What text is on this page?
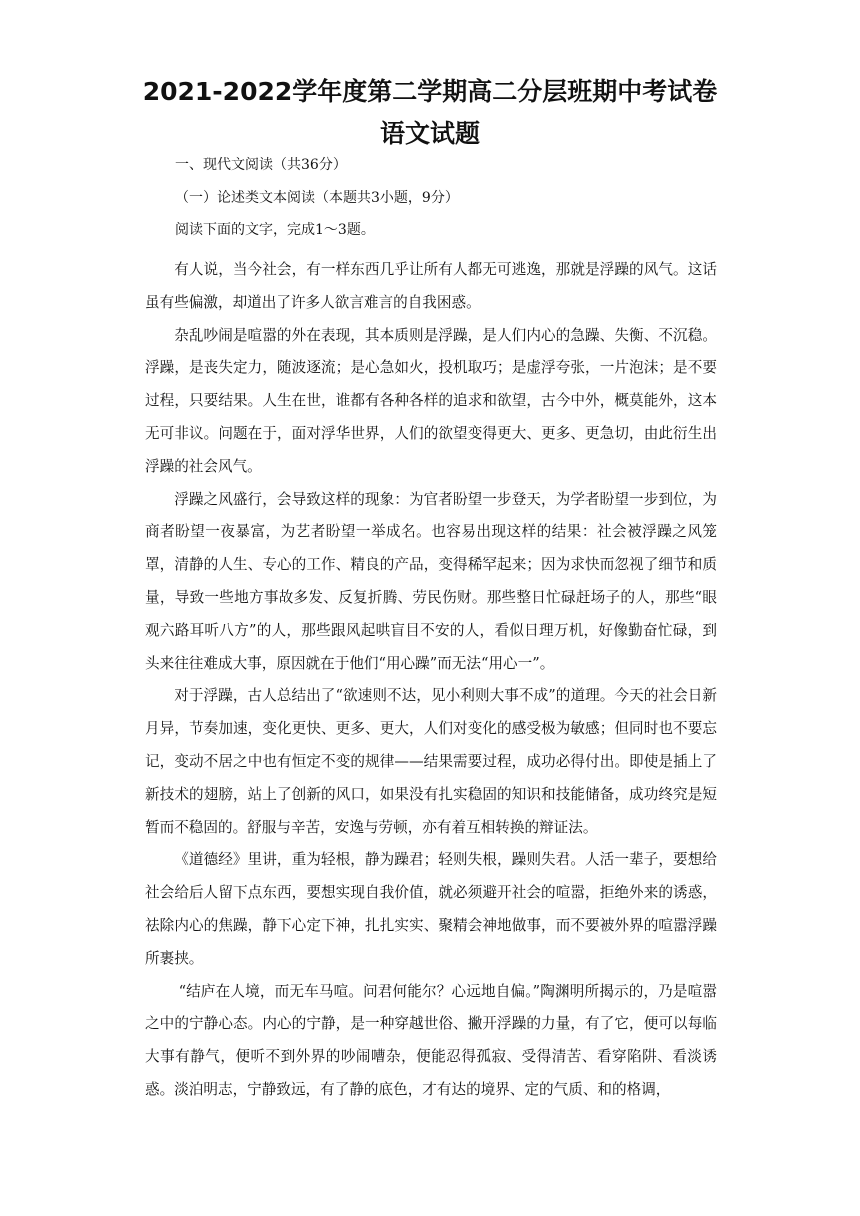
2021-2022学年度第二学期高二分层班期中考试卷
语文试题
一、现代文阅读（共36分）
（一）论述类文本阅读（本题共3小题，9分）
阅读下面的文字，完成1～3题。

有人说，当今社会，有一样东西几乎让所有人都无可逃逸，那就是浮躁的风气。这话虽有些偏激，却道出了许多人欲言难言的自我困惑。

杂乱吵闹是喧嚣的外在表现，其本质则是浮躁，是人们内心的急躁、失衡、不沉稳。浮躁，是丧失定力，随波逐流；是心急如火，投机取巧；是虚浮夸张，一片泡沫；是不要过程，只要结果。人生在世，谁都有各种各样的追求和欲望，古今中外，概莫能外，这本无可非议。问题在于，面对浮华世界，人们的欲望变得更大、更多、更急切，由此衍生出浮躁的社会风气。

浮躁之风盛行，会导致这样的现象：为官者盼望一步登天，为学者盼望一步到位，为商者盼望一夜暴富，为艺者盼望一举成名。也容易出现这样的结果：社会被浮躁之风笼罩，清静的人生、专心的工作、精良的产品，变得稀罕起来；因为求快而忽视了细节和质量，导致一些地方事故多发、反复折腾、劳民伤财。那些整日忙碌赶场子的人，那些“眼观六路耳听八方”的人，那些跟风起哄盲目不安的人，看似日理万机，好像勤奋忙碌，到头来往往难成大事，原因就在于他们“用心躁”而无法“用心一”。

对于浮躁，古人总结出了“欲速则不达，见小利则大事不成”的道理。今天的社会日新月异，节奏加速，变化更快、更多、更大，人们对变化的感受极为敏感；但同时也不要忘记，变动不居之中也有恒定不变的规律——结果需要过程，成功必得付出。即使是插上了新技术的翅膀，站上了创新的风口，如果没有扎实稳固的知识和技能储备，成功终究是短暂而不稳固的。舒服与辛苦，安逸与劳顿，亦有着互相转换的辩证法。

《道德经》里讲，重为轻根，静为躁君；轻则失根，躁则失君。人活一辈子，要想给社会给后人留下点东西，要想实现自我价值，就必须避开社会的喧嚣，拒绝外来的诱惑，祛除内心的焦躁，静下心定下神，扎扎实实、聚精会神地做事，而不要被外界的喧嚣浮躁所裹挟。

“结庐在人境，而无车马喧。问君何能尔？心远地自偏。”陶渊明所揭示的，乃是喧嚣之中的宁静心态。内心的宁静，是一种穿越世俗、撇开浮躁的力量，有了它，便可以每临大事有静气，便听不到外界的吵闹嘈杂，便能忍得孤寂、受得清苦、看穿陷阱、看淡诱惑。淡泊明志，宁静致远，有了静的底色，才有达的境界、定的气质、和的格调，
